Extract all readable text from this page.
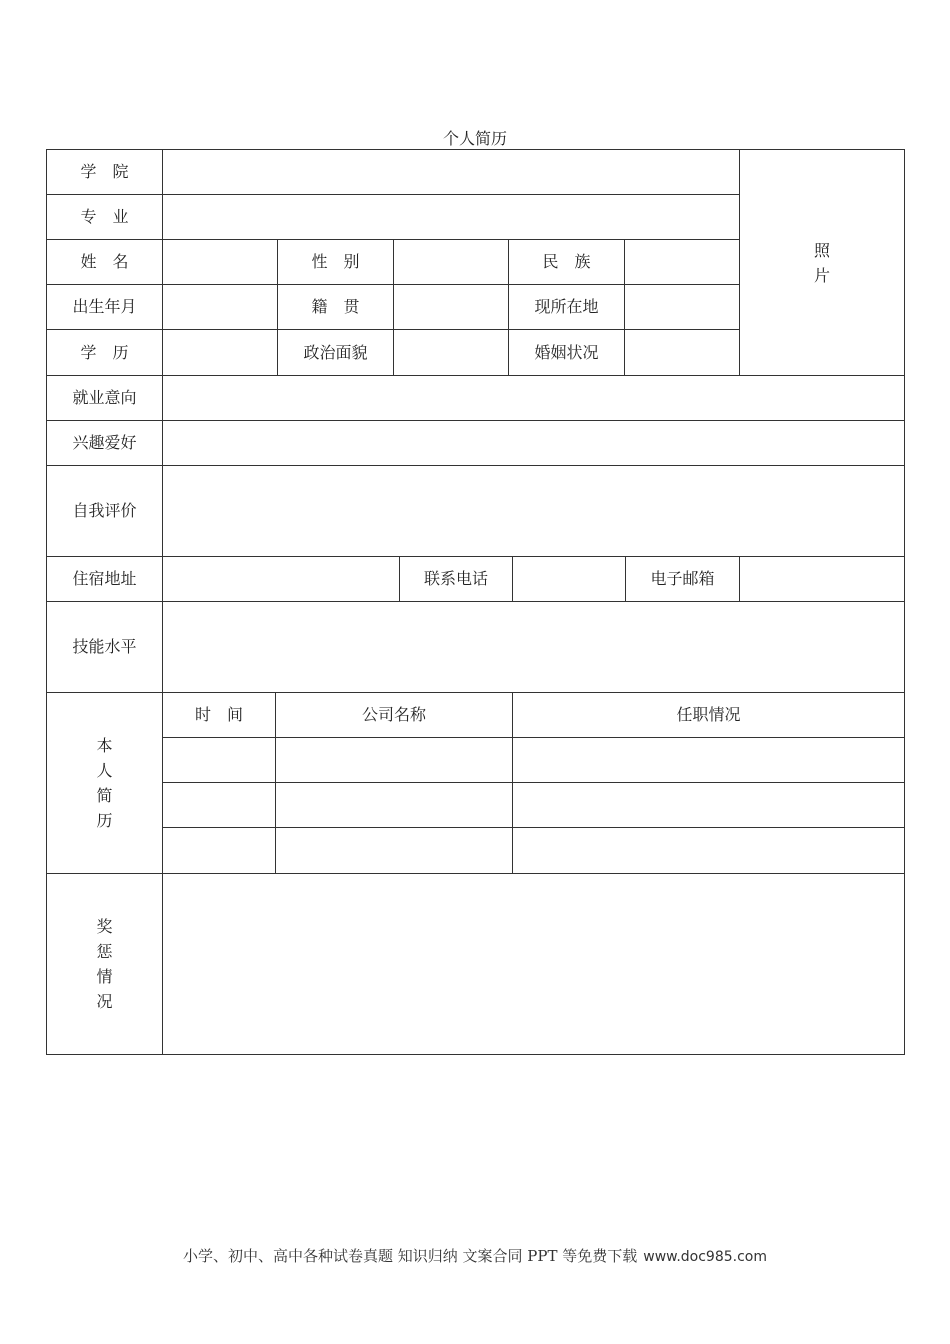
个人简历
学　院
照
片
专　业
姓　名	性　别	民　族
出生年月	籍　贯	现所在地
学　历	政治面貌	婚姻状况
就业意向
兴趣爱好
自我评价
住宿地址	联系电话	电子邮箱
技能水平
本
人
简
历
时　间	公司名称	任职情况
奖
惩
情
况
小学、初中、高中各种试卷真题 知识归纳 文案合同 PPT 等免费下载 www.doc985.com
